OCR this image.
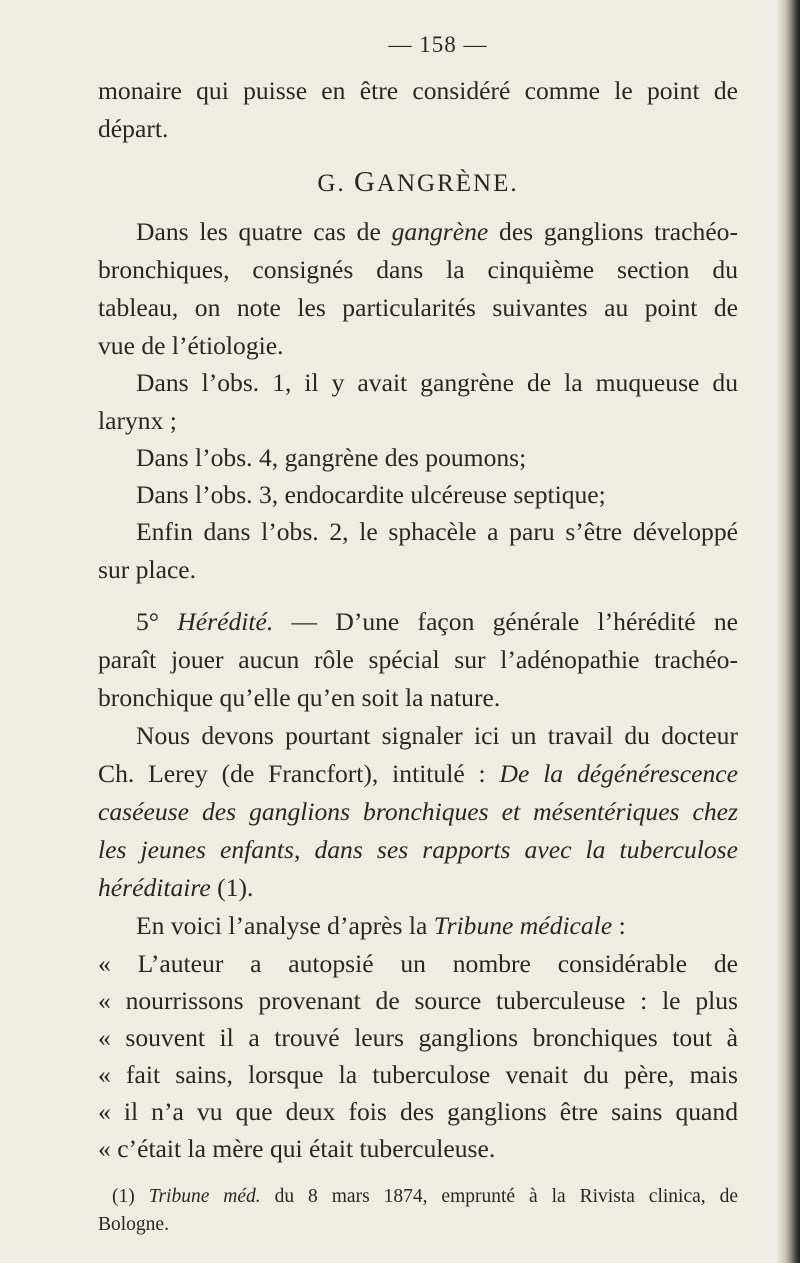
— 158 —
monaire qui puisse en être considéré comme le point de
départ.
G. GANGRÈNE.
Dans les quatre cas de gangrène des ganglions trachéo-
bronchiques, consignés dans la cinquième section du
tableau, on note les particularités suivantes au point de
vue de l’étiologie.
Dans l’obs. 1, il y avait gangrène de la muqueuse du
larynx ;
Dans l’obs. 4, gangrène des poumons;
Dans l’obs. 3, endocardite ulcéreuse septique;
Enfin dans l’obs. 2, le sphacèle a paru s’être développé
sur place.
5° Hérédité. — D’une façon générale l’hérédité ne
paraît jouer aucun rôle spécial sur l’adénopathie trachéo-
bronchique qu’elle qu’en soit la nature.
Nous devons pourtant signaler ici un travail du docteur
Ch. Lerey (de Francfort), intitulé : De la dégénérescence
caséeuse des ganglions bronchiques et mésentériques chez
les jeunes enfants, dans ses rapports avec la tuberculose
héréditaire (1).
En voici l’analyse d’après la Tribune médicale :
« L’auteur a autopsié un nombre considérable de
« nourrissons provenant de source tuberculeuse : le plus
« souvent il a trouvé leurs ganglions bronchiques tout à
« fait sains, lorsque la tuberculose venait du père, mais
« il n’a vu que deux fois des ganglions être sains quand
« c’était la mère qui était tuberculeuse.
(1) Tribune méd. du 8 mars 1874, emprunté à la Rivista clinica, de
Bologne.
